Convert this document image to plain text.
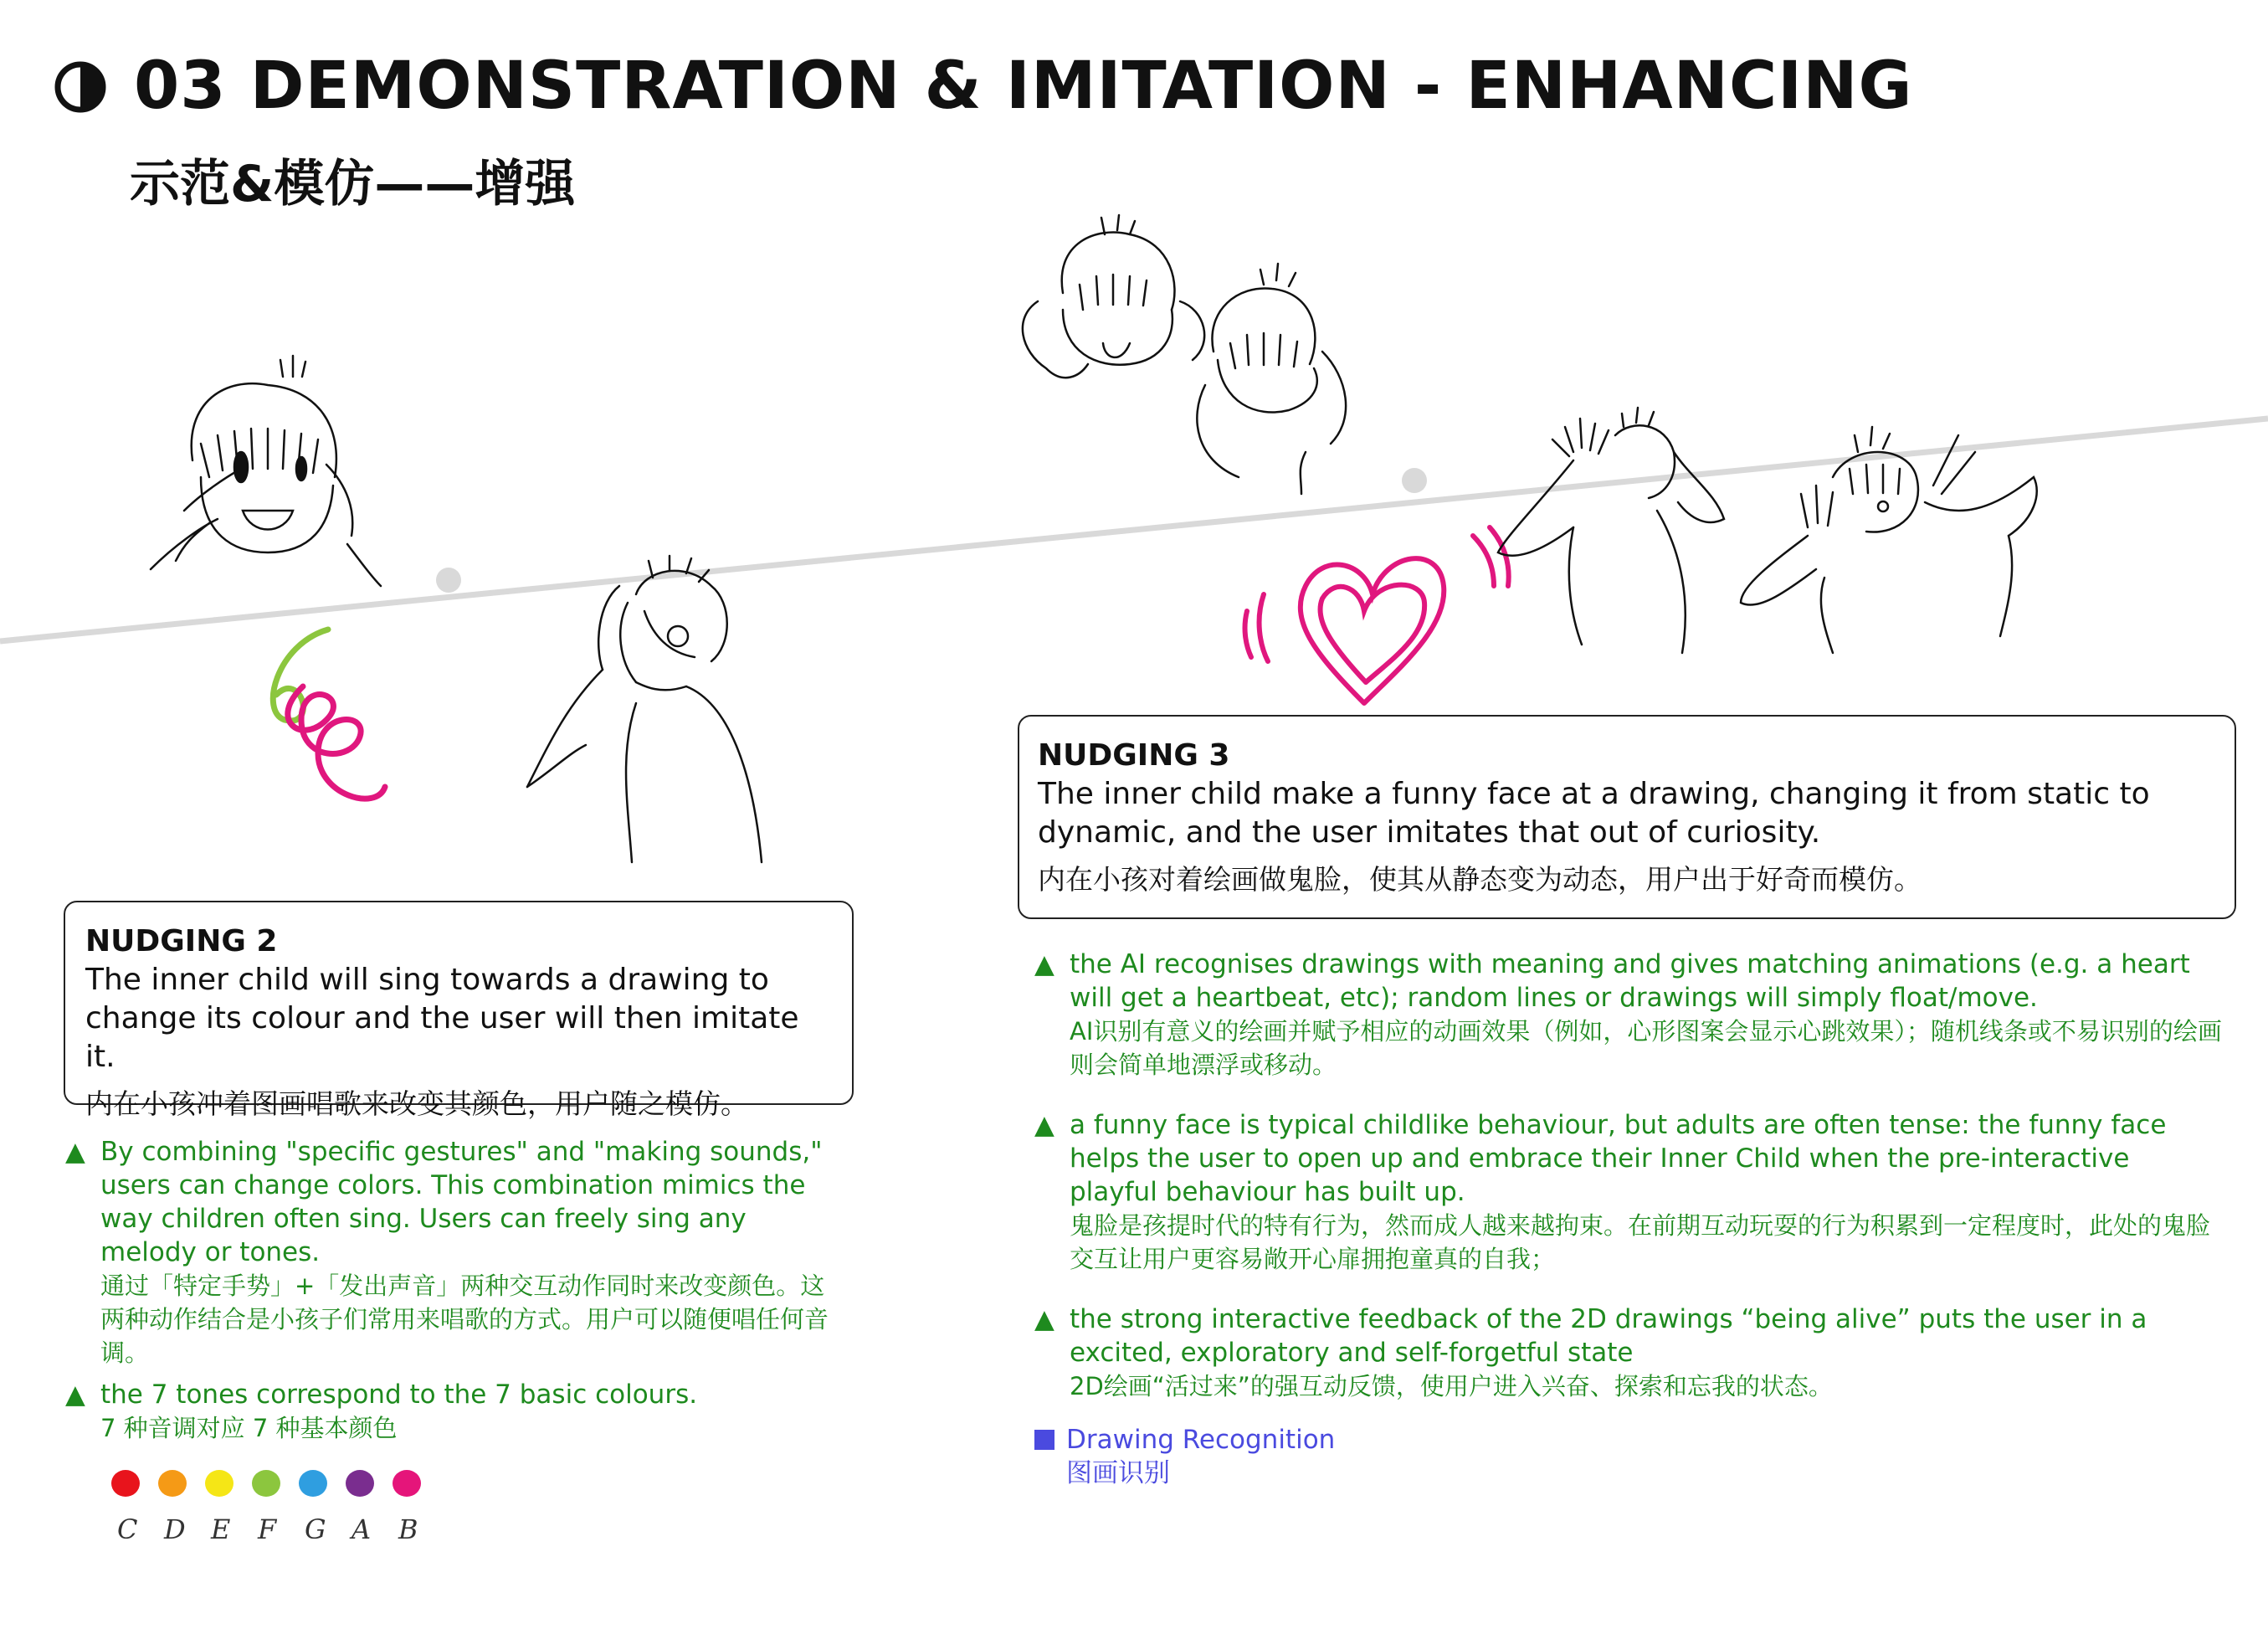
03 DEMONSTRATION & IMITATION - ENHANCING
示范&模仿——增强
NUDGING 2
The inner child will sing towards a drawing to change its colour and the user will then imitate it.
内在小孩冲着图画唱歌来改变其颜色，用户随之模仿。
NUDGING 3
The inner child make a funny face at a drawing, changing it from static to dynamic, and the user imitates that out of curiosity.
内在小孩对着绘画做鬼脸，使其从静态变为动态，用户出于好奇而模仿。
▲ By combining "specific gestures" and "making sounds," users can change colors. This combination mimics the way children often sing. Users can freely sing any melody or tones.
通过「特定手势」+「发出声音」两种交互动作同时来改变颜色。这两种动作结合是小孩子们常用来唱歌的方式。用户可以随便唱任何音调。
▲ the 7 tones correspond to the 7 basic colours.
7 种音调对应 7 种基本颜色
C D E F G A B
▲ the AI recognises drawings with meaning and gives matching animations (e.g. a heart will get a heartbeat, etc); random lines or drawings will simply float/move.
AI识别有意义的绘画并赋予相应的动画效果（例如，心形图案会显示心跳效果）；随机线条或不易识别的绘画则会简单地漂浮或移动。
▲ a funny face is typical childlike behaviour, but adults are often tense: the funny face helps the user to open up and embrace their Inner Child when the pre-interactive playful behaviour has built up.
鬼脸是孩提时代的特有行为，然而成人越来越拘束。在前期互动玩耍的行为积累到一定程度时，此处的鬼脸交互让用户更容易敞开心扉拥抱童真的自我；
▲ the strong interactive feedback of the 2D drawings “being alive” puts the user in a excited, exploratory and self-forgetful state
2D绘画“活过来”的强互动反馈，使用户进入兴奋、探索和忘我的状态。
Drawing Recognition
图画识别
